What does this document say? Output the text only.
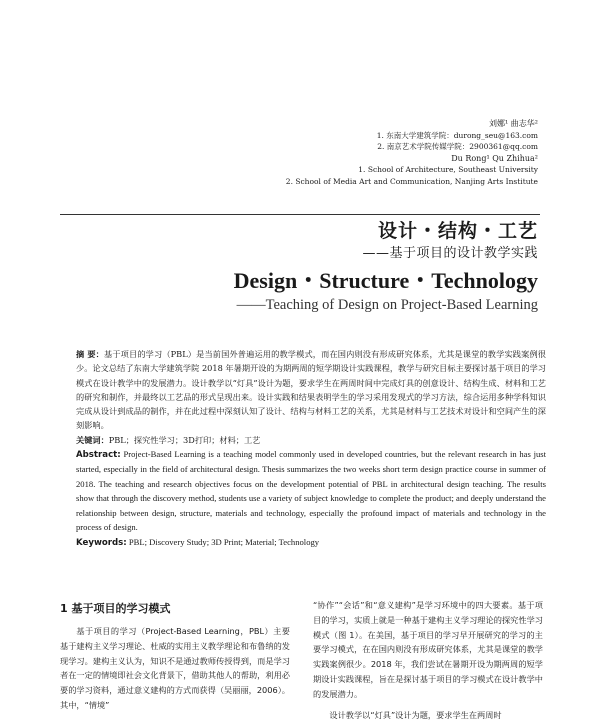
刘娜¹ 曲志华²
1. 东南大学建筑学院：durong_seu@163.com
2. 南京艺术学院传媒学院：2900361@qq.com
Du Rong¹ Qu Zhihua²
1. School of Architecture, Southeast University
2. School of Media Art and Communication, Nanjing Arts Institute
设计・结构・工艺
——基于项目的设计教学实践
Design・Structure・Technology
——Teaching of Design on Project-Based Learning

摘 要：基于项目的学习（PBL）是当前国外普遍运用的教学模式，而在国内则没有形成研究体系，尤其是课堂的教学实践案例很少。论文总结了东南大学建筑学院 2018 年暑期开设的为期两周的短学期设计实践课程，教学与研究目标主要探讨基于项目的学习模式在设计教学中的发展潜力。设计教学以“灯具”设计为题，要求学生在两周时间中完成灯具的创意设计、结构生成、材料和工艺的研究和制作，并最终以工艺品的形式呈现出来。设计实践和结果表明学生的学习采用发现式的学习方法，综合运用多种学科知识完成从设计到成品的制作，并在此过程中深刻认知了设计、结构与材料工艺的关系，尤其是材料与工艺技术对设计和空间产生的深刻影响。

关键词：PBL；探究性学习；3D打印；材料；工艺

Abstract: Project-Based Learning is a teaching model commonly used in developed countries, but the relevant research in has just started, especially in the field of architectural design. Thesis summarizes the two weeks short term design practice course in summer of 2018. The teaching and research objectives focus on the development potential of PBL in architectural design teaching. The results show that through the discovery method, students use a variety of subject knowledge to complete the product; and deeply understand the relationship between design, structure, materials and technology, especially the profound impact of materials and technology in the process of design.

Keywords: PBL; Discovery Study; 3D Print; Material; Technology

1 基于项目的学习模式

基于项目的学习（Project-Based Learning，PBL）主要基于建构主义学习理论、杜威的实用主义教学理论和布鲁纳的发现学习。建构主义认为，知识不是通过教师传授得到，而是学习者在一定的情境即社会文化背景下，借助其他人的帮助，利用必要的学习资料，通过意义建构的方式而获得（吴丽丽，2006）。其中，“情境”

“协作”“会话”和“意义建构”是学习环境中的四大要素。基于项目的学习，实质上就是一种基于建构主义学习理论的探究性学习模式（图 1）。在美国，基于项目的学习早开展研究的学习的主要学习模式，在在国内则没有形成研究体系，尤其是课堂的教学实践案例很少。2018 年，我们尝试在暑期开设为期两周的短学期设计实践课程，旨在是探讨基于项目的学习模式在设计教学中的发展潜力。

设计教学以“灯具”设计为题，要求学生在两周时
